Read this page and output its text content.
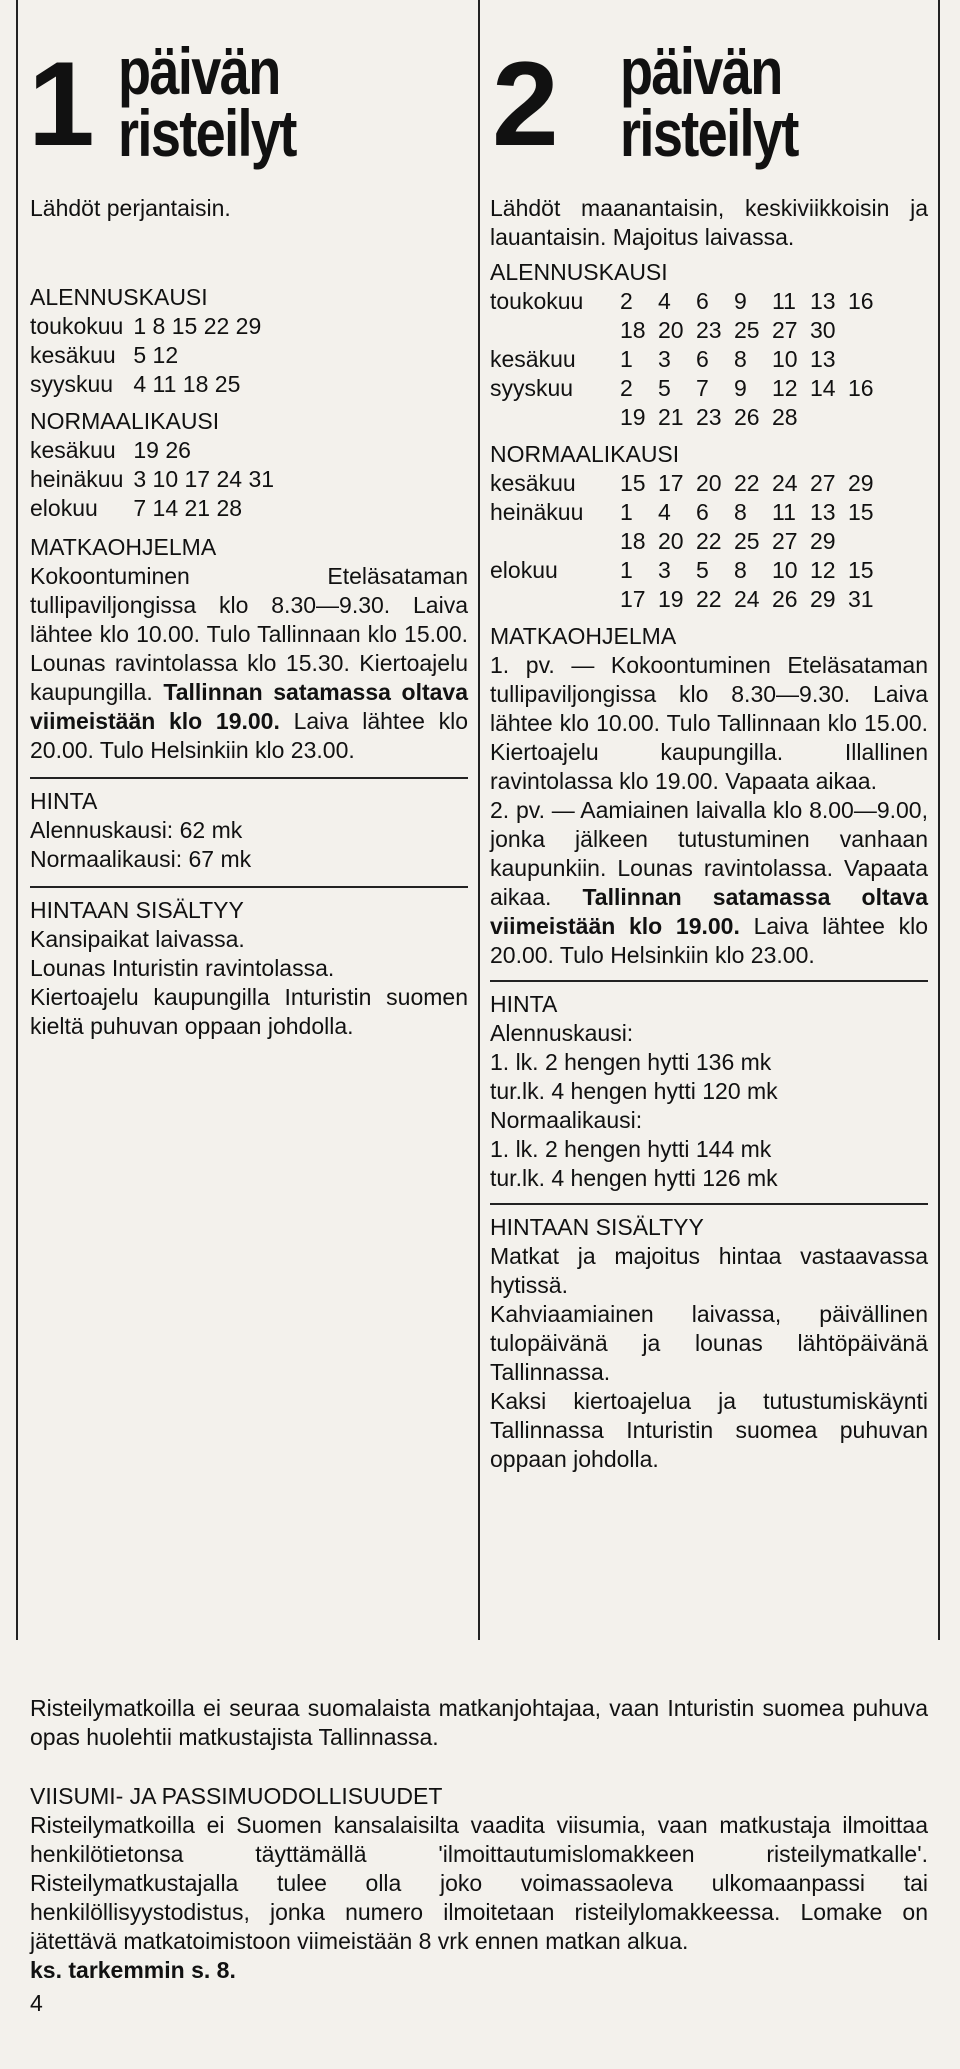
1 päivän
risteilyt

Lähdöt perjantaisin.

ALENNUSKAUSI

toukokuu 1 8 15 22 29
kesäkuu 5 12
syyskuu 4 11 18 25

NORMAALIKAUSI

kesäkuu 19 26
heinäkuu 3 10 17 24 31
elokuu	7 14 21 28

MATKAOHJELMA

Kokoontuminen Eteläsataman tullipaviljongissa klo 8.30—9.30. Laiva lähtee klo 10.00. Tulo Tallinnaan klo 15.00. Lounas ravintolassa klo 15.30. Kiertoajelu kaupungilla. Tallinnan satamassa oltava viimeistään klo 19.00. Laiva lähtee klo 20.00. Tulo Helsinkiin klo 23.00.

HINTA

Alennuskausi: 62 mk

Normaalikausi: 67 mk

HINTAAN SISÄLTYY

Kansipaikat laivassa.

Lounas Inturistin ravintolassa.

Kiertoajelu kaupungilla Inturistin suomen kieltä puhuvan oppaan johdolla.

2 päivän
risteilyt

Lähdöt maanantaisin, keskiviikkoisin ja lauantaisin. Majoitus laivassa.

ALENNUSKAUSI

toukokuu	2	4	6	9	11 13 16
18 20 23 25 27 30
kesäkuu	1	3	6	8	10 13
syyskuu	2	5	7	9	12 14 16
19 21 23 26 28

NORMAALIKAUSI

kesäkuu	15 17 20 22 24 27 29
heinäkuu	1	4	6	8	11 13 15
18 20 22 25 27 29
elokuu	1	3	5	8	10 12 15
17 19 22 24 26 29 31

MATKAOHJELMA

1. pv. — Kokoontuminen Eteläsataman tullipaviljongissa klo 8.30—9.30. Laiva lähtee klo 10.00. Tulo Tallinnaan klo 15.00. Kiertoajelu kaupungilla. Illallinen ravintolassa klo 19.00. Vapaata aikaa.

2. pv. — Aamiainen laivalla klo 8.00—9.00, jonka jälkeen tutustuminen vanhaan kaupunkiin. Lounas ravintolassa. Vapaata aikaa. Tallinnan satamassa oltava viimeistään klo 19.00. Laiva lähtee klo 20.00. Tulo Helsinkiin klo 23.00.

HINTA

Alennuskausi:

1. lk. 2 hengen hytti 136 mk

tur.lk. 4 hengen hytti 120 mk

Normaalikausi:

1. lk. 2 hengen hytti 144 mk

tur.lk. 4 hengen hytti 126 mk

HINTAAN SISÄLTYY

Matkat ja majoitus hintaa vastaavassa hytissä.

Kahviaamiainen laivassa, päivällinen tulopäivänä ja lounas lähtöpäivänä Tallinnassa.

Kaksi kiertoajelua ja tutustumiskäynti Tallinnassa Inturistin suomea puhuvan oppaan johdolla.

Risteilymatkoilla ei seuraa suomalaista matkanjohtajaa, vaan Inturistin suomea puhuva opas huolehtii matkustajista Tallinnassa.

VIISUMI- JA PASSIMUODOLLISUUDET

Risteilymatkoilla ei Suomen kansalaisilta vaadita viisumia, vaan matkustaja ilmoittaa henkilötietonsa täyttämällä 'ilmoittautumislomakkeen risteilymatkalle'. Risteilymatkustajalla tulee olla joko voimassaoleva ulkomaanpassi tai henkilöllisyystodistus, jonka numero ilmoitetaan risteilylomakkeessa. Lomake on jätettävä matkatoimistoon viimeistään 8 vrk ennen matkan alkua.

ks. tarkemmin s. 8.

4
